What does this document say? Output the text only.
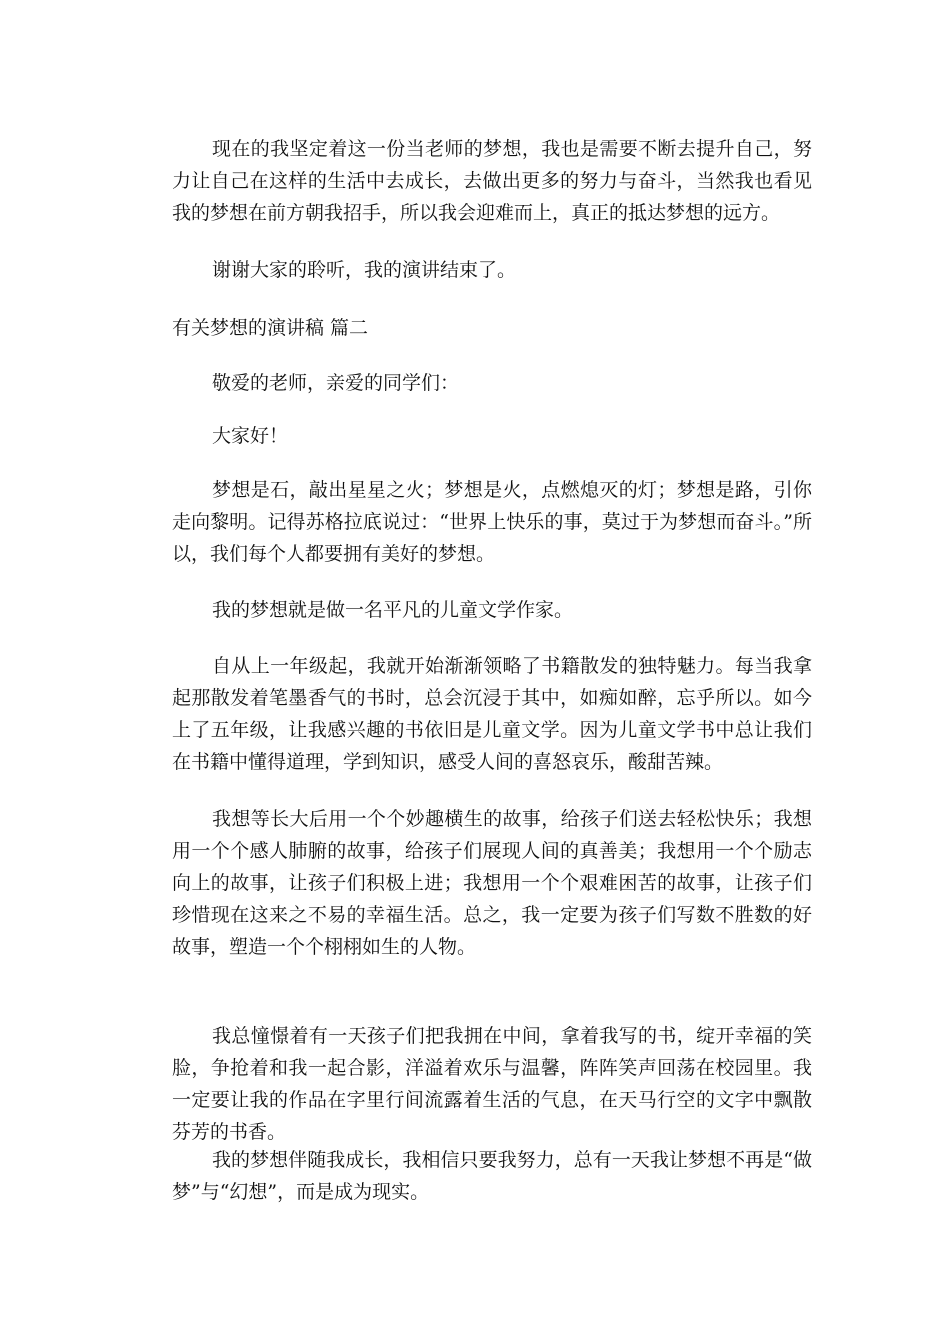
现在的我坚定着这一份当老师的梦想，我也是需要不断去提升自己，努力让自己在这样的生活中去成长，去做出更多的努力与奋斗，当然我也看见我的梦想在前方朝我招手，所以我会迎难而上，真正的抵达梦想的远方。

谢谢大家的聆听，我的演讲结束了。

有关梦想的演讲稿 篇二

敬爱的老师，亲爱的同学们：

大家好！

梦想是石，敲出星星之火；梦想是火，点燃熄灭的灯；梦想是路，引你走向黎明。记得苏格拉底说过：“世界上快乐的事，莫过于为梦想而奋斗。”所以，我们每个人都要拥有美好的梦想。

我的梦想就是做一名平凡的儿童文学作家。

自从上一年级起，我就开始渐渐领略了书籍散发的独特魅力。每当我拿起那散发着笔墨香气的书时，总会沉浸于其中，如痴如醉，忘乎所以。如今上了五年级，让我感兴趣的书依旧是儿童文学。因为儿童文学书中总让我们在书籍中懂得道理，学到知识，感受人间的喜怒哀乐，酸甜苦辣。

我想等长大后用一个个妙趣横生的故事，给孩子们送去轻松快乐；我想用一个个感人肺腑的故事，给孩子们展现人间的真善美；我想用一个个励志向上的故事，让孩子们积极上进；我想用一个个艰难困苦的故事，让孩子们珍惜现在这来之不易的幸福生活。总之，我一定要为孩子们写数不胜数的好故事，塑造一个个栩栩如生的人物。

我总憧憬着有一天孩子们把我拥在中间，拿着我写的书，绽开幸福的笑脸，争抢着和我一起合影，洋溢着欢乐与温馨，阵阵笑声回荡在校园里。我一定要让我的作品在字里行间流露着生活的气息，在天马行空的文字中飘散芬芳的书香。

我的梦想伴随我成长，我相信只要我努力，总有一天我让梦想不再是“做梦”与“幻想”，而是成为现实。
